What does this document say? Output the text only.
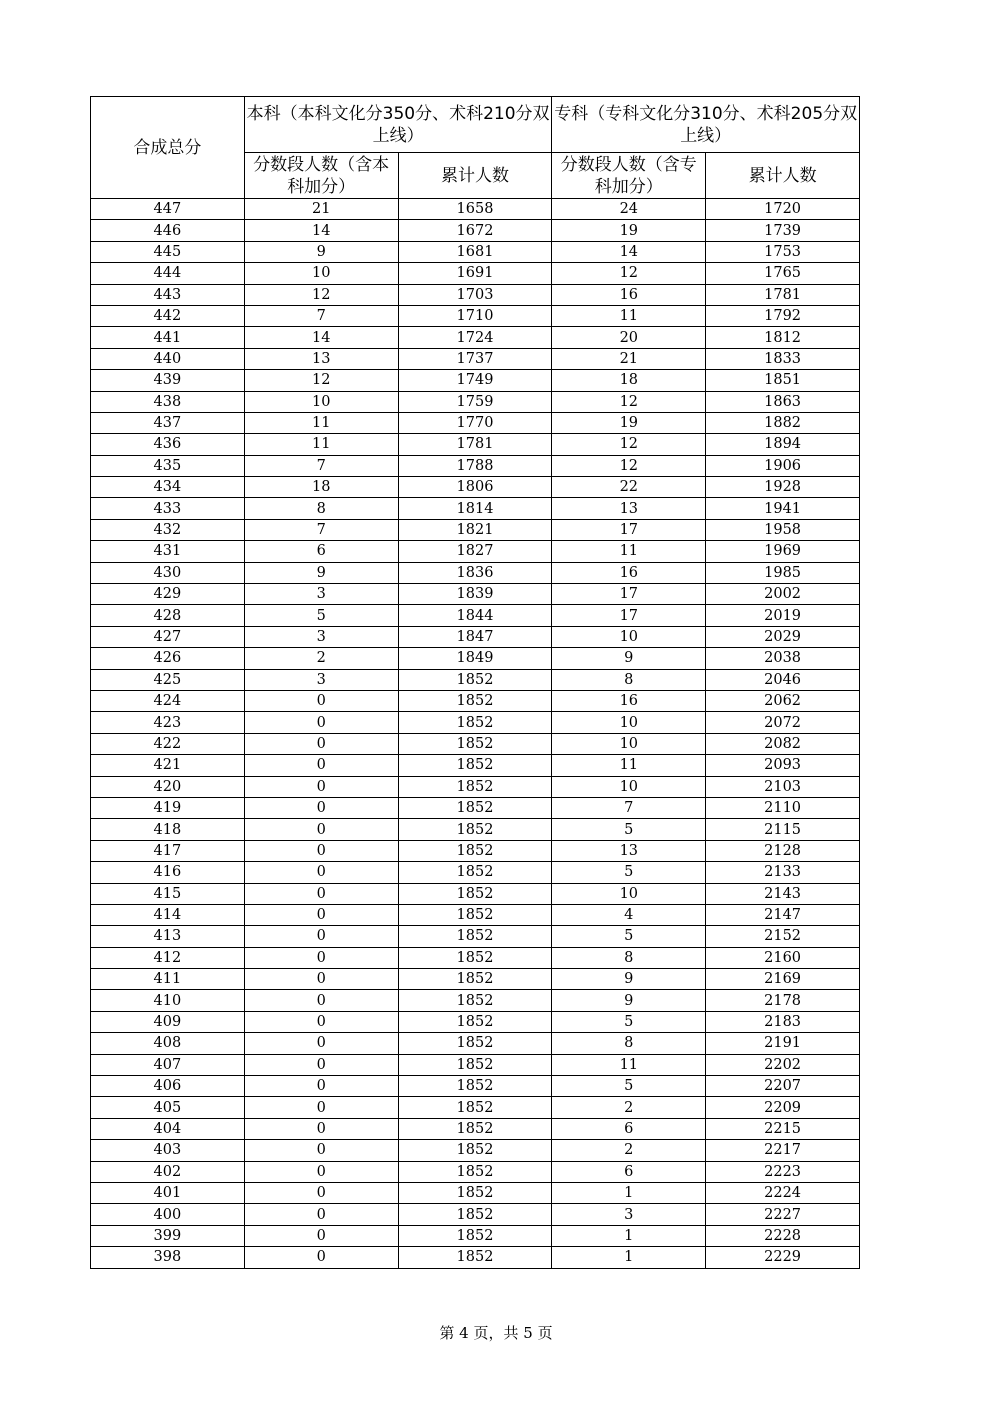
合成总分	本科（本科文化分350分、术科210分双上线）		专科（专科文化分310分、术科205分双上线）	
	分数段人数（含本科加分）	累计人数	分数段人数（含专科加分）	累计人数
447	21	1658	24	1720
446	14	1672	19	1739
445	9	1681	14	1753
444	10	1691	12	1765
443	12	1703	16	1781
442	7	1710	11	1792
441	14	1724	20	1812
440	13	1737	21	1833
439	12	1749	18	1851
438	10	1759	12	1863
437	11	1770	19	1882
436	11	1781	12	1894
435	7	1788	12	1906
434	18	1806	22	1928
433	8	1814	13	1941
432	7	1821	17	1958
431	6	1827	11	1969
430	9	1836	16	1985
429	3	1839	17	2002
428	5	1844	17	2019
427	3	1847	10	2029
426	2	1849	9	2038
425	3	1852	8	2046
424	0	1852	16	2062
423	0	1852	10	2072
422	0	1852	10	2082
421	0	1852	11	2093
420	0	1852	10	2103
419	0	1852	7	2110
418	0	1852	5	2115
417	0	1852	13	2128
416	0	1852	5	2133
415	0	1852	10	2143
414	0	1852	4	2147
413	0	1852	5	2152
412	0	1852	8	2160
411	0	1852	9	2169
410	0	1852	9	2178
409	0	1852	5	2183
408	0	1852	8	2191
407	0	1852	11	2202
406	0	1852	5	2207
405	0	1852	2	2209
404	0	1852	6	2215
403	0	1852	2	2217
402	0	1852	6	2223
401	0	1852	1	2224
400	0	1852	3	2227
399	0	1852	1	2228
398	0	1852	1	2229
第 4 页，共 5 页
